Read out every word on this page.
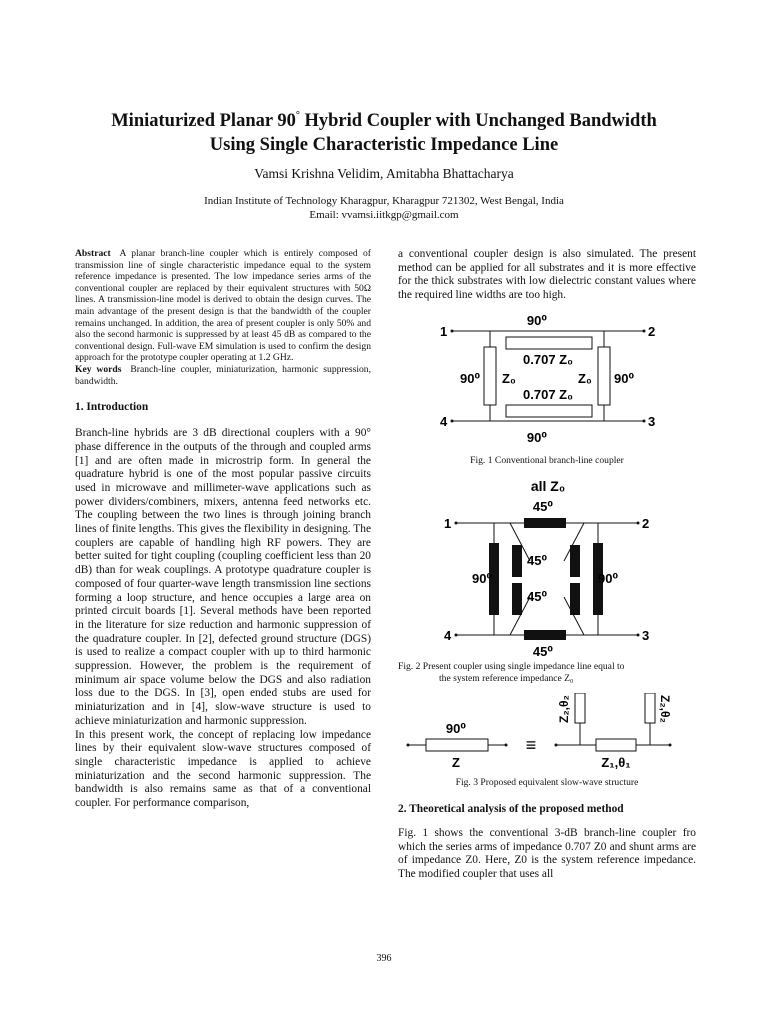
Miniaturized Planar 90° Hybrid Coupler with Unchanged Bandwidth
Using Single Characteristic Impedance Line
Vamsi Krishna Velidim, Amitabha Bhattacharya
Indian Institute of Technology Kharagpur, Kharagpur 721302, West Bengal, India
Email: vvamsi.iitkgp@gmail.com

Abstract A planar branch-line coupler which is entirely composed of transmission line of single characteristic impedance equal to the system reference impedance is presented. The low impedance series arms of the conventional coupler are replaced by their equivalent structures with 50Ω lines. A transmission-line model is derived to obtain the design curves. The main advantage of the present design is that the bandwidth of the coupler remains unchanged. In addition, the area of present coupler is only 50% and also the second harmonic is suppressed by at least 45 dB as compared to the conventional design. Full-wave EM simulation is used to confirm the design approach for the prototype coupler operating at 1.2 GHz.

Key words Branch-line coupler, miniaturization, harmonic suppression, bandwidth.

1. Introduction

Branch-line hybrids are 3 dB directional couplers with a 90° phase difference in the outputs of the through and coupled arms [1] and are often made in microstrip form. In general the quadrature hybrid is one of the most popular passive circuits used in microwave and millimeter-wave applications such as power dividers/combiners, mixers, antenna feed networks etc. The coupling between the two lines is through joining branch lines of finite lengths. This gives the flexibility in designing. The couplers are capable of handling high RF powers. They are better suited for tight coupling (coupling coefficient less than 20 dB) than for weak couplings. A prototype quadrature coupler is composed of four quarter-wave length transmission line sections forming a loop structure, and hence occupies a large area on printed circuit boards [1]. Several methods have been reported in the literature for size reduction and harmonic suppression of the quadrature coupler. In [2], defected ground structure (DGS) is used to realize a compact coupler with up to third harmonic suppression. However, the problem is the requirement of minimum air space volume below the DGS and also radiation loss due to the DGS. In [3], open ended stubs are used for miniaturization and in [4], slow-wave structure is used to achieve miniaturization and harmonic suppression.

In this present work, the concept of replacing low impedance lines by their equivalent slow-wave structures composed of single characteristic impedance is applied to achieve miniaturization and the second harmonic suppression. The bandwidth is also remains same as that of a conventional coupler. For performance comparison,

a conventional coupler design is also simulated. The present method can be applied for all substrates and it is more effective for the thick substrates with low dielectric constant values where the required line widths are too high.

90⁰
0.707 Z₀
0.707 Z₀
90⁰
90⁰ Z₀	Z₀ 90⁰
1	2
3
4
Fig. 1 Conventional branch-line coupler
all Z₀
45⁰
45⁰
45⁰
90⁰	90⁰
45⁰
1	2
3
4
Fig. 2 Present coupler using single impedance line equal to
the system reference impedance Z₀
90⁰
Z
≡
Z₂,θ₂	Z₂,θ₂
Z₁,θ₁
Fig. 3 Proposed equivalent slow-wave structure

2. Theoretical analysis of the proposed method

Fig. 1 shows the conventional 3-dB branch-line coupler fro which the series arms of impedance 0.707 Z0 and shunt arms are of impedance Z0. Here, Z0 is the system reference impedance. The modified coupler that uses all

396
